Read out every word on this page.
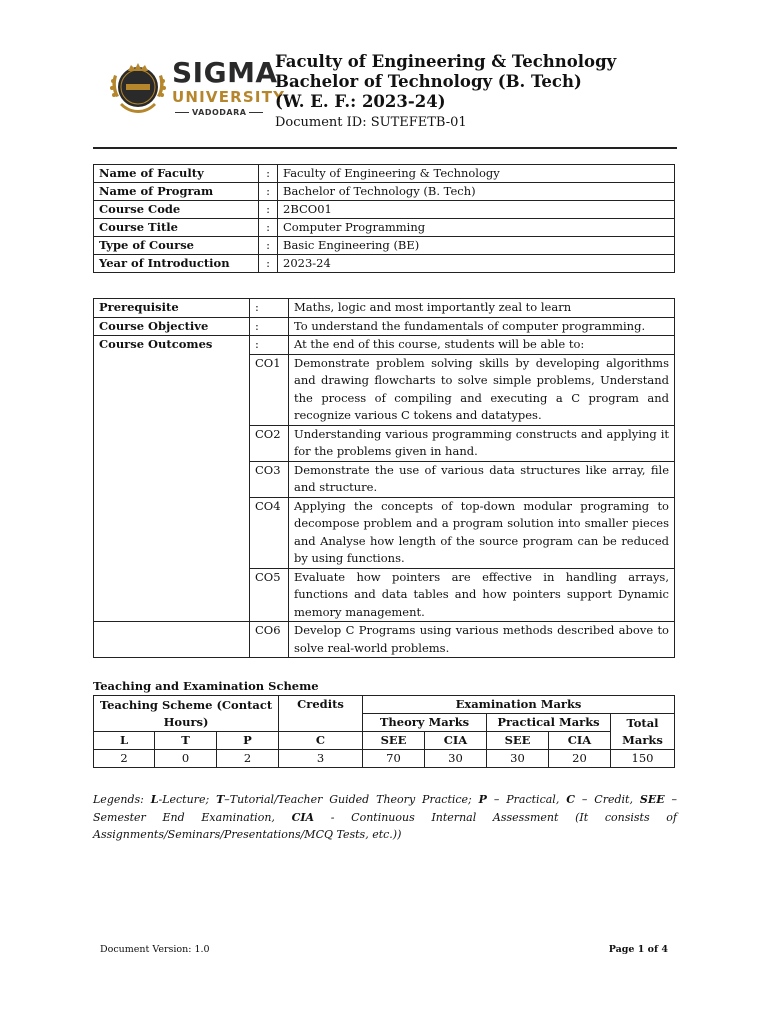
SIGMA
UNIVERSITY
VADODARA
Faculty of Engineering & Technology
Bachelor of Technology (B. Tech)
(W. E. F.: 2023-24)
Document ID: SUTEFETB-01
Name of Faculty	:	Faculty of Engineering & Technology
Name of Program	:	Bachelor of Technology (B. Tech)
Course Code	:	2BCO01
Course Title	:	Computer Programming
Type of Course	:	Basic Engineering (BE)
Year of Introduction	:	2023-24
Prerequisite	:	Maths, logic and most importantly zeal to learn
Course Objective	:	To understand the fundamentals of computer programming.
Course Outcomes	:	At the end of this course, students will be able to:
	CO1	Demonstrate problem solving skills by developing algorithms and drawing flowcharts to solve simple problems, Understand the process of compiling and executing a C program and recognize various C tokens and datatypes.
	CO2	Understanding various programming constructs and applying it for the problems given in hand.
	CO3	Demonstrate the use of various data structures like array, file and structure.
	CO4	Applying the concepts of top-down modular programing to decompose problem and a program solution into smaller pieces and Analyse how length of the source program can be reduced by using functions.
	CO5	Evaluate how pointers are effective in handling arrays, functions and data tables and how pointers support Dynamic memory management.
	CO6	Develop C Programs using various methods described above to solve real-world problems.
Teaching and Examination Scheme
Teaching Scheme (Contact Hours)			Credits	Examination Marks				
				Theory Marks		Practical Marks		Total Marks
L	T	P	C	SEE	CIA	SEE	CIA	
2	0	2	3	70	30	30	20	150
Legends: L-Lecture; T–Tutorial/Teacher Guided Theory Practice; P – Practical, C – Credit, SEE – Semester End Examination, CIA - Continuous Internal Assessment (It consists of Assignments/Seminars/Presentations/MCQ Tests, etc.))
Document Version: 1.0	Page 1 of 4
